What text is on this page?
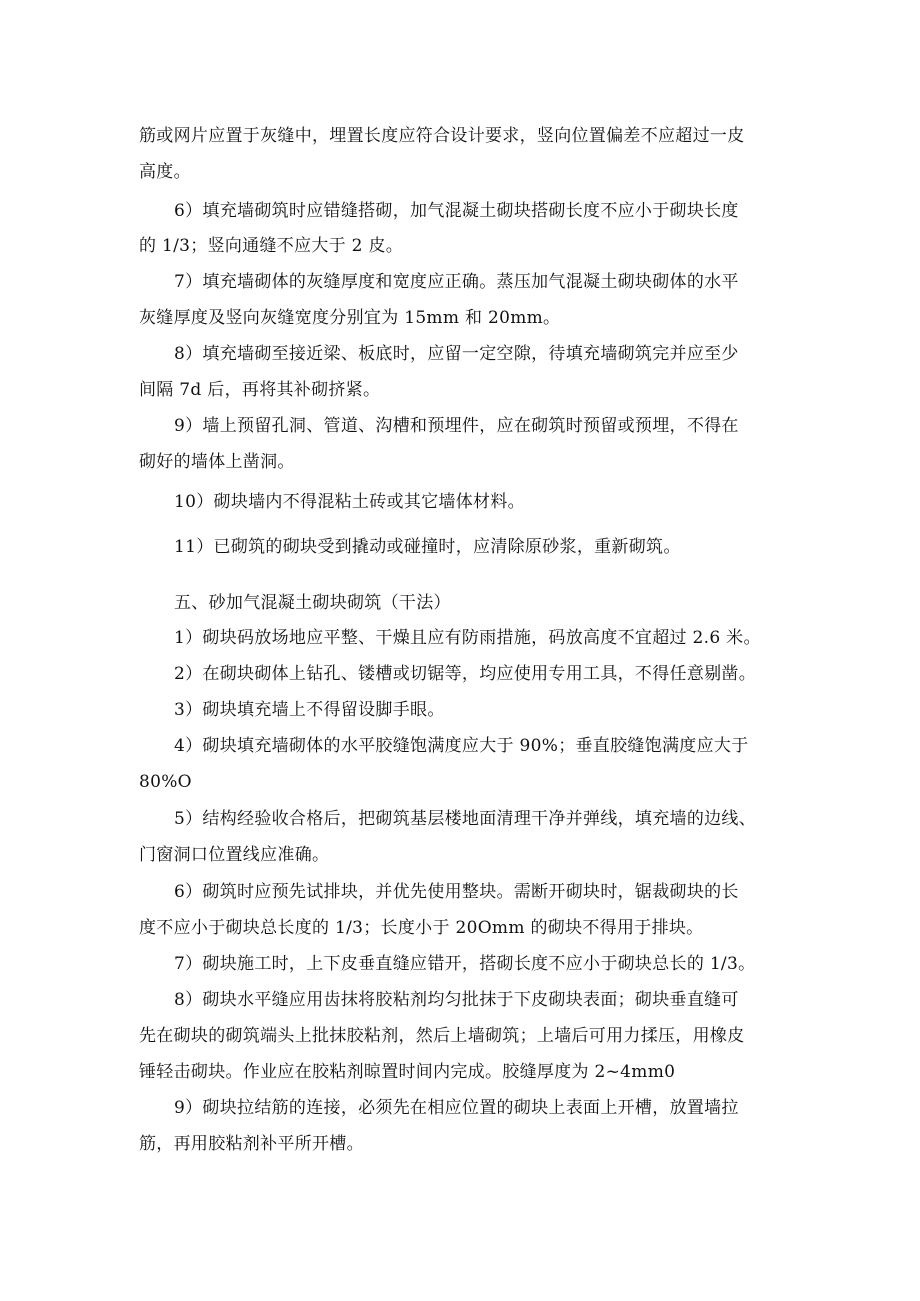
筋或网片应置于灰缝中，埋置长度应符合设计要求，竖向位置偏差不应超过一皮
高度。
6）填充墙砌筑时应错缝搭砌，加气混凝土砌块搭砌长度不应小于砌块长度
的 1/3；竖向通缝不应大于 2 皮。
7）填充墙砌体的灰缝厚度和宽度应正确。蒸压加气混凝土砌块砌体的水平
灰缝厚度及竖向灰缝宽度分别宜为 15mm 和 20mm。
8）填充墙砌至接近梁、板底时，应留一定空隙，待填充墙砌筑完并应至少
间隔 7d 后，再将其补砌挤紧。
9）墙上预留孔洞、管道、沟槽和预埋件，应在砌筑时预留或预埋，不得在
砌好的墙体上凿洞。
10）砌块墙内不得混粘土砖或其它墙体材料。
11）已砌筑的砌块受到撬动或碰撞时，应清除原砂浆，重新砌筑。
五、砂加气混凝土砌块砌筑（干法）
1）砌块码放场地应平整、干燥且应有防雨措施，码放高度不宜超过 2.6 米。
2）在砌块砌体上钻孔、镂槽或切锯等，均应使用专用工具，不得任意剔凿。
3）砌块填充墙上不得留设脚手眼。
4）砌块填充墙砌体的水平胶缝饱满度应大于 90%；垂直胶缝饱满度应大于
80%O
5）结构经验收合格后，把砌筑基层楼地面清理干净并弹线，填充墙的边线、
门窗洞口位置线应准确。
6）砌筑时应预先试排块，并优先使用整块。需断开砌块时，锯裁砌块的长
度不应小于砌块总长度的 1/3；长度小于 20Omm 的砌块不得用于排块。
7）砌块施工时，上下皮垂直缝应错开，搭砌长度不应小于砌块总长的 1/3。
8）砌块水平缝应用齿抹将胶粘剂均匀批抹于下皮砌块表面；砌块垂直缝可
先在砌块的砌筑端头上批抹胶粘剂，然后上墙砌筑；上墙后可用力揉压，用橡皮
锤轻击砌块。作业应在胶粘剂晾置时间内完成。胶缝厚度为 2~4mm0
9）砌块拉结筋的连接，必须先在相应位置的砌块上表面上开槽，放置墙拉
筋，再用胶粘剂补平所开槽。
